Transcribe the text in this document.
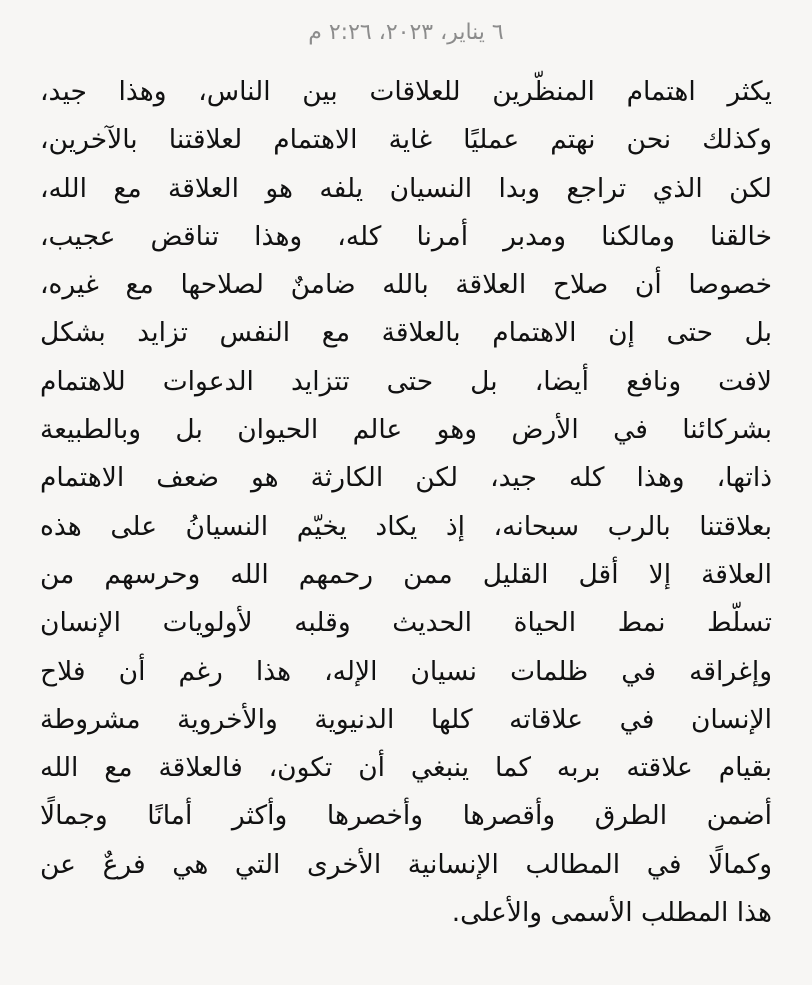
٦ يناير، ٢٠٢٣، ٢:٢٦ م
يكثر اهتمام المنظّرين للعلاقات بين الناس، وهذا جيد،
وكذلك نحن نهتم عمليًا غاية الاهتمام لعلاقتنا بالآخرين،
لكن الذي تراجع وبدا النسيان يلفه هو العلاقة مع الله،
خالقنا ومالكنا ومدبر أمرنا كله، وهذا تناقض عجيب،
خصوصا أن صلاح العلاقة بالله ضامنٌ لصلاحها مع غيره،
بل حتى إن الاهتمام بالعلاقة مع النفس تزايد بشكل
لافت ونافع أيضا، بل حتى تتزايد الدعوات للاهتمام
بشركائنا في الأرض وهو عالم الحيوان بل وبالطبيعة
ذاتها، وهذا كله جيد، لكن الكارثة هو ضعف الاهتمام
بعلاقتنا بالرب سبحانه، إذ يكاد يخيّم النسيانُ على هذه
العلاقة إلا أقل القليل ممن رحمهم الله وحرسهم من
تسلّط نمط الحياة الحديث وقلبه لأولويات الإنسان
وإغراقه في ظلمات نسيان الإله، هذا رغم أن فلاح
الإنسان في علاقاته كلها الدنيوية والأخروية مشروطة
بقيام علاقته بربه كما ينبغي أن تكون، فالعلاقة مع الله
أضمن الطرق وأقصرها وأخصرها وأكثر أمانًا وجمالًا
وكمالًا في المطالب الإنسانية الأخرى التي هي فرعٌ عن
هذا المطلب الأسمى والأعلى.
